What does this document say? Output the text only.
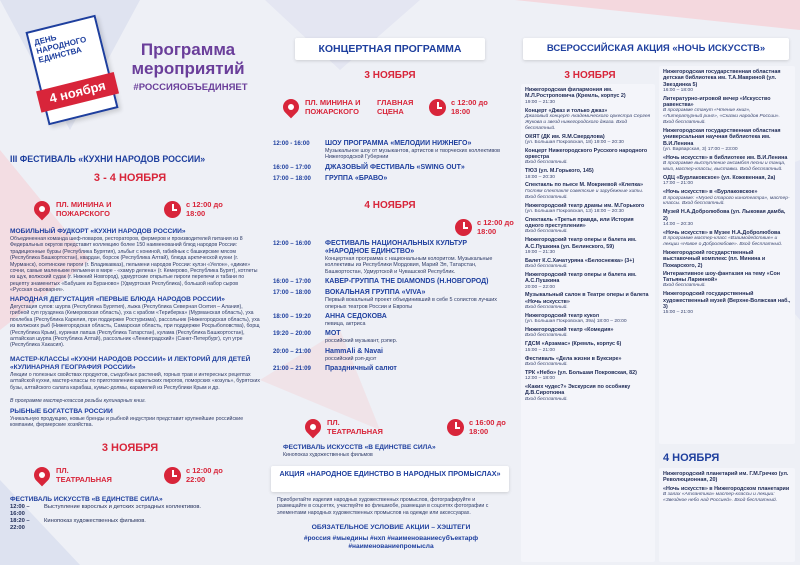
ДЕНЬ НАРОДНОГО ЕДИНСТВА
4 ноября
Программа мероприятий
#РОССИЯОБЪЕДИНЯЕТ
III ФЕСТИВАЛЬ «КУХНИ НАРОДОВ РОССИИ»
3 - 4 НОЯБРЯ
ПЛ. МИНИНА И ПОЖАРСКОГО
с 12:00 до 18:00
МОБИЛЬНЫЙ ФУДКОРТ «КУХНИ НАРОДОВ РОССИИ»
Объединенная команда шеф-поваров, рестораторов, фермеров и производителей питания из 8 Федеральных округов представит коллекцию более 150 наименований блюд народов России: традиционные бурзы (Республика Бурятия), эльбыг с кониной, габийнык с башкирские мясом (Республика Башкортостан), квардан, борсок (Республика Алтай), блюда арктической кухни (г. Мурманск), осетинские пироги (г. Владикавказ), пельмени народов России: кулэн «Уелон», «дикие» сочни, самые маленькие пельмени в мире - «хамур делена» (г. Кемерово, Республика Бурят), котлеты из щук, волжский судак (г. Нижний Новгород), удмуртские открытые пироги перепечи и табани по рецепту знаменитых «Бабушек из Бураново» (Удмуртская Республика), большой набор сыров «Русская сыроварня».
НАРОДНАЯ ДЕГУСТАЦИЯ «ПЕРВЫЕ БЛЮДА НАРОДОВ РОССИИ»
Дегустация супов: шурпа (Республика Бурятия), лыжа (Республика Северная Осетия – Алания), грибной суп груздянка (Кемеровская область), уха с крабом «Териберка» (Мурманская область), уха похлебка (Республика Карелия, при поддержке Ростуризма), рассольник (Нижегородская область), уха из волжских рыб (Нижегородская область, Самарская область, при поддержке Росрыболовства), борщ (Республика Крым), куриная лапша (Республика Татарстан), кулама (Республика Башкортостан), алтайская шурпа (Республика Алтай), рассольник «Ленинградский» (Санкт-Петербург), суп угре (Республика Хакасия).
МАСТЕР-КЛАССЫ «КУХНИ НАРОДОВ РОССИИ» И ЛЕКТОРИЙ ДЛЯ ДЕТЕЙ «КУЛИНАРНАЯ ГЕОГРАФИЯ РОССИИ»
Лекции о полезных свойствах продуктов, съедобных растений, горных трав и интересных рецептах алтайской кухни, мастер-классы по приготовлению карельских пирогов, поморских «козуль», бурятских бузы, алтайского салата карабаш, кумыс-долмы, карамелей из Республики Крым и др.
В программе мастер-классов резьбы кулинарных книг.
РЫБНЫЕ БОГАТСТВА РОССИИ
Уникальную продукцию, новые бренды и рыбной индустрии представит крупнейшие российские компании, фермерские хозяйства.
3 НОЯБРЯ
ПЛ. ТЕАТРАЛЬНАЯ
с 12:00 до 22:00
ФЕСТИВАЛЬ ИСКУССТВ «В ЕДИНСТВЕ СИЛА»
12:00 – 16:00
Выступление взрослых и детских эстрадных коллективов.
18:20 – 22:00
Кинопоказ художественных фильмов.
КОНЦЕРТНАЯ ПРОГРАММА
3 НОЯБРЯ
ПЛ. МИНИНА И ПОЖАРСКОГО
ГЛАВНАЯ СЦЕНА
с 12:00 до 18:00
12:00 - 16:00	ШОУ ПРОГРАММА «МЕЛОДИИ НИЖНЕГО»
Музыкальное шоу от музыкантов, артистов и творческих коллективов Нижегородской Губернии
16:00 – 17:00	ДЖАЗОВЫЙ ФЕСТИВАЛЬ «SWING OUT»
17:00 – 18:00	ГРУППА «БРАВО»
4 НОЯБРЯ
с 12:00 до 18:00
12:00 – 16:00	ФЕСТИВАЛЬ НАЦИОНАЛЬНЫХ КУЛЬТУР «НАРОДНОЕ ЕДИНСТВО»
Концертная программа с национальным колоритом. Музыкальные коллективы из Республики Мордовия, Марий Эл, Татарстан, Башкортостан, Удмуртской и Чувашской Республик.
16:00 – 17:00	КАВЕР-ГРУППА THE DIAMONDS (Н.НОВГОРОД)
17:00 – 18:00	ВОКАЛЬНАЯ ГРУППА «VIVA»
Первый вокальный проект объединивший в себе 5 солистов лучших оперных театров России и Европы
18:00 – 19:20	АННА СЕДОКОВА
певица, актриса
19:20 – 20:00	MOT
российский музыкант, рэпер.
20:00 – 21:00	HammAli & Navai
российский рэп-дуэт
21:00 – 21:09	Праздничный салют
ПЛ. ТЕАТРАЛЬНАЯ
с 16:00 до 18:00
ФЕСТИВАЛЬ ИСКУССТВ «В ЕДИНСТВЕ СИЛА»
Кинопоказ художественных фильмов
АКЦИЯ «НАРОДНОЕ ЕДИНСТВО В НАРОДНЫХ ПРОМЫСЛАХ»
Приобретайте изделия народных художественных промыслов, фотографируйте и размещайте в соцсетях, участвуйте во флешмобе, размещая в соцсетях фотографии с элементами народных художественных промыслов на одежде или аксессуарах.
ОБЯЗАТЕЛЬНОЕ УСЛОВИЕ АКЦИИ – ХЭШТЕГИ
#россия #мыедины #нхп #наименованиесубъектарф #наименованиепромысла
ВСЕРОССИЙСКАЯ АКЦИЯ «НОЧЬ ИСКУССТВ»
3 НОЯБРЯ
Нижегородская филармония им. М.Л.Ростроповича (Кремль, корпус 2)
19:00 – 21:30
Концерт «Джаз и только джаз»
Джазовый концерт Академического оркестра Сергея Жукова и звезд нижегородского джаза. Вход бесплатный.
ОКЯТ (ДК им. Я.М.Свердлова)
(ул. Большая Покровская, 18) 19:00 – 20:30
Концерт Нижегородского Русского народного оркестра
Вход бесплатный.
ТЮЗ (ул. М.Горького, 145)
18:00 – 20:30
Спектакль по пьесе М. Мокриевой «Клепка»
Гостям спектакля советские и зарубежные хиты. Вход бесплатный.
Нижегородский театр драмы им. М.Горького
(ул. Большая Покровская, 13) 18:00 – 20:30
Спектакль «Третья правда, или История одного преступления»
Вход бесплатный.
Нижегородский театр оперы и балета им. А.С.Пушкина (ул. Белинского, 59)
19:00 – 21:30
Балет К.С.Хачатуряна «Белоснежка» (3+)
Вход бесплатный.
Нижегородский театр оперы и балета им. А.С.Пушкина
20:00 – 22:00
Музыкальный салон в Театре оперы и балета «Ночь искусств»
Вход бесплатный.
Нижегородский театр кукол
(ул. Большая Покровская, 39а) 18:00 – 20:00
Нижегородский театр «Комедия»
Вход бесплатный.
ГДСМ «Арзамас» (Кремль, корпус 6)
15:00 – 21:00
Фестиваль «Дела жизни в Буксире»
Вход бесплатный.
ТРК «Небо» (ул. Большая Покровская, 82)
12:00 – 18:00
«Каких чудес?» Экскурсия по особняку Д.В.Сироткина
Вход бесплатный.
Нижегородская государственная областная детская библиотека им. Т.А.Мавриной (ул. Звездинка 5)
16:00 – 18:00
Литературно-игровой вечер «Искусство равенства»
В программе станут «Чтение книг», «Литературный ринг», «Сказки народов России». Вход бесплатный.
Нижегородская государственная областная универсальная научная библиотека им. В.И.Ленина
(ул. Варварская, 3) 17:00 – 23:00
«Ночь искусств» в библиотеке им. В.И.Ленина
В программе выступление ансамбля песни и танца, квиз, мастер-классы, выставки. Вход бесплатный.
ОДЦ «Бурлаковское» (ул. Кожевенная, 2а)
17:00 – 21:00
«Ночь искусств» в «Бурлаковское»
В программе: «Музей старого кинотеатра», мастер-классы. Вход бесплатный.
Музей Н.А.Добролюбова (ул. Лыковая дамба, 2)
14:00 – 20:30
«Ночь искусств» в Музее Н.А.Добролюбова
В программе мастер-класс «Взаимодействие» и лекции «Новое о Добролюбове». Вход бесплатный.
Нижегородский государственный выставочный комплекс (пл. Минина и Пожарского, 2)
Интерактивное шоу-фантазия на тему «Сон Татьяны Ларинной»
Вход бесплатный.
Нижегородский государственный художественный музей (Верхне-Волжская наб., 3)
15:00 – 21:00
4 НОЯБРЯ
Нижегородский планетарий им. Г.М.Гречко (ул. Революционная, 20)
«Ночь искусств» в Нижегородском планетарии
В залах «Атлантика» мастер-классы и лекции: «Звездное небо над Россией». Вход бесплатный.
